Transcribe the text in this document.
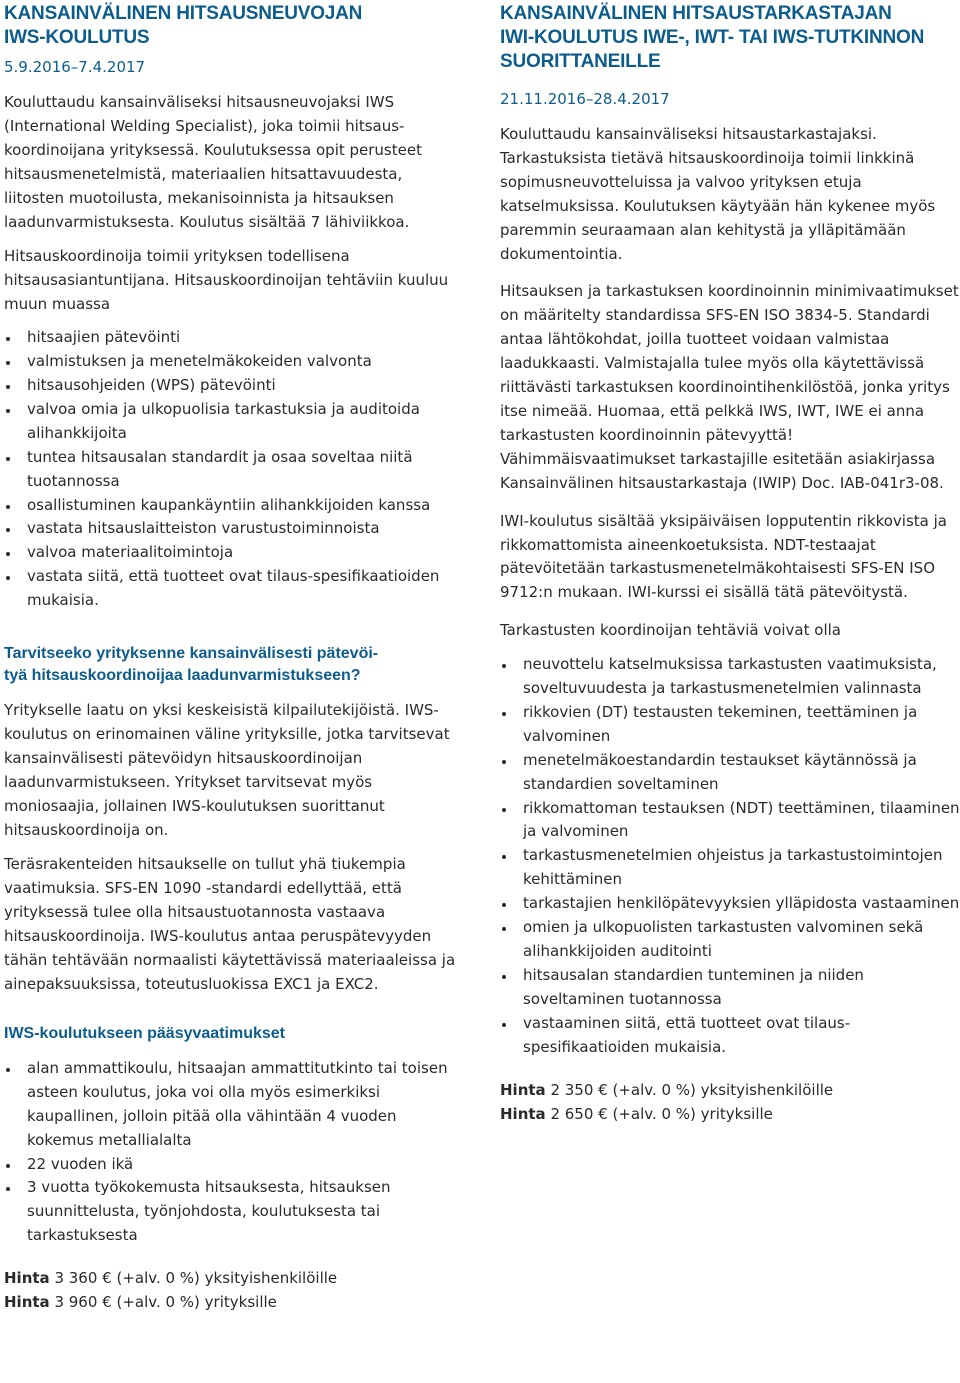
KANSAINVÄLINEN HITSAUSNEUVOJAN
IWS-KOULUTUS
5.9.2016–7.4.2017

Kouluttaudu kansainväliseksi hitsausneuvojaksi IWS (International Welding Specialist), joka toimii hitsaus-koordinoijana yrityksessä. Koulutuksessa opit perusteet hitsausmenetelmistä, materiaalien hitsattavuudesta, liitosten muotoilusta, mekanisoinnista ja hitsauksen laadunvarmistuksesta. Koulutus sisältää 7 lähiviikkoa.

Hitsauskoordinoija toimii yrityksen todellisena hitsausasiantuntijana. Hitsauskoordinoijan tehtäviin kuuluu muun muassa

hitsaajien pätevöinti
valmistuksen ja menetelmäkokeiden valvonta
hitsausohjeiden (WPS) pätevöinti
valvoa omia ja ulkopuolisia tarkastuksia ja auditoida alihankkijoita
tuntea hitsausalan standardit ja osaa soveltaa niitä tuotannossa
osallistuminen kaupankäyntiin alihankkijoiden kanssa
vastata hitsauslaitteiston varustustoiminnoista
valvoa materiaalitoimintoja
vastata siitä, että tuotteet ovat tilaus-spesifikaatioiden mukaisia.
Tarvitseeko yrityksenne kansainvälisesti pätevöi-
tyä hitsauskoordinoijaa laadunvarmistukseen?

Yritykselle laatu on yksi keskeisistä kilpailutekijöistä. IWS-koulutus on erinomainen väline yrityksille, jotka tarvitsevat kansainvälisesti pätevöidyn hitsauskoordinoijan laadunvarmistukseen. Yritykset tarvitsevat myös moniosaajia, jollainen IWS-koulutuksen suorittanut hitsauskoordinoija on.

Teräsrakenteiden hitsaukselle on tullut yhä tiukempia vaatimuksia. SFS-EN 1090 -standardi edellyttää, että yrityksessä tulee olla hitsaustuotannosta vastaava hitsauskoordinoija. IWS-koulutus antaa peruspätevyyden tähän tehtävään normaalisti käytettävissä materiaaleissa ja ainepaksuuksissa, toteutusluokissa EXC1 ja EXC2.

IWS-koulutukseen pääsyvaatimukset
alan ammattikoulu, hitsaajan ammattitutkinto tai toisen asteen koulutus, joka voi olla myös esimerkiksi kaupallinen, jolloin pitää olla vähintään 4 vuoden kokemus metallialalta
22 vuoden ikä
3 vuotta työkokemusta hitsauksesta, hitsauksen suunnittelusta, työnjohdosta, koulutuksesta tai tarkastuksesta

Hinta 3 360 € (+alv. 0 %) yksityishenkilöille

Hinta 3 960 € (+alv. 0 %) yrityksille

KANSAINVÄLINEN HITSAUSTARKASTAJAN
IWI-KOULUTUS IWE-, IWT- TAI IWS-TUTKINNON
SUORITTANEILLE
21.11.2016–28.4.2017

Kouluttaudu kansainväliseksi hitsaustarkastajaksi. Tarkastuksista tietävä hitsauskoordinoija toimii linkkinä sopimusneuvotteluissa ja valvoo yrityksen etuja katselmuksissa. Koulutuksen käytyään hän kykenee myös paremmin seuraamaan alan kehitystä ja ylläpitämään dokumentointia.

Hitsauksen ja tarkastuksen koordinoinnin minimivaatimukset on määritelty standardissa SFS-EN ISO 3834-5. Standardi antaa lähtökohdat, joilla tuotteet voidaan valmistaa laadukkaasti. Valmistajalla tulee myös olla käytettävissä riittävästi tarkastuksen koordinointihenkilöstöä, jonka yritys itse nimeää. Huomaa, että pelkkä IWS, IWT, IWE ei anna tarkastusten koordinoinnin pätevyyttä! Vähimmäisvaatimukset tarkastajille esitetään asiakirjassa Kansainvälinen hitsaustarkastaja (IWIP) Doc. IAB-041r3-08.

IWI-koulutus sisältää yksipäiväisen lopputentin rikkovista ja rikkomattomista aineenkoetuksista. NDT-testaajat pätevöitetään tarkastusmenetelmäkohtaisesti SFS-EN ISO 9712:n mukaan. IWI-kurssi ei sisällä tätä pätevöitystä.

Tarkastusten koordinoijan tehtäviä voivat olla

neuvottelu katselmuksissa tarkastusten vaatimuksista, soveltuvuudesta ja tarkastusmenetelmien valinnasta
rikkovien (DT) testausten tekeminen, teettäminen ja valvominen
menetelmäkoestandardin testaukset käytännössä ja standardien soveltaminen
rikkomattoman testauksen (NDT) teettäminen, tilaaminen ja valvominen
tarkastusmenetelmien ohjeistus ja tarkastustoimintojen kehittäminen
tarkastajien henkilöpätevyyksien ylläpidosta vastaaminen
omien ja ulkopuolisten tarkastusten valvominen sekä alihankkijoiden auditointi
hitsausalan standardien tunteminen ja niiden soveltaminen tuotannossa
vastaaminen siitä, että tuotteet ovat tilaus-spesifikaatioiden mukaisia.

Hinta 2 350 € (+alv. 0 %) yksityishenkilöille

Hinta 2 650 € (+alv. 0 %) yrityksille
